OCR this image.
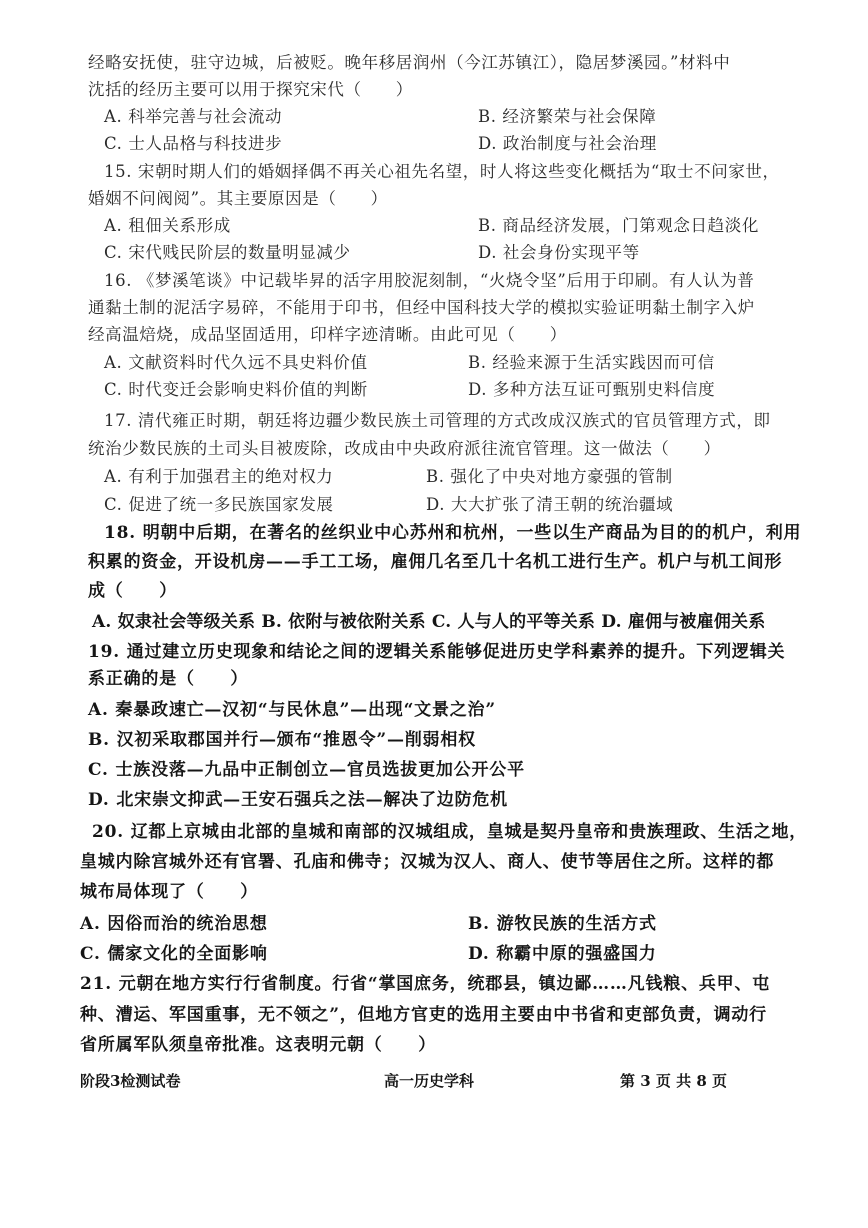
经略安抚使，驻守边城，后被贬。晚年移居润州（今江苏镇江），隐居梦溪园。”材料中
沈括的经历主要可以用于探究宋代（　　）
A. 科举完善与社会流动	B. 经济繁荣与社会保障
C. 士人品格与科技进步	D. 政治制度与社会治理
15. 宋朝时期人们的婚姻择偶不再关心祖先名望，时人将这些变化概括为“取士不问家世，
婚姻不问阀阅”。其主要原因是（　　）
A. 租佃关系形成	B. 商品经济发展，门第观念日趋淡化
C. 宋代贱民阶层的数量明显减少	D. 社会身份实现平等
16. 《梦溪笔谈》中记载毕昇的活字用胶泥刻制，“火烧令坚”后用于印刷。有人认为普
通黏土制的泥活字易碎，不能用于印书，但经中国科技大学的模拟实验证明黏土制字入炉
经高温焙烧，成品坚固适用，印样字迹清晰。由此可见（　　）
A. 文献资料时代久远不具史料价值	B. 经验来源于生活实践因而可信
C. 时代变迁会影响史料价值的判断	D. 多种方法互证可甄别史料信度
17. 清代雍正时期，朝廷将边疆少数民族土司管理的方式改成汉族式的官员管理方式，即
统治少数民族的土司头目被废除，改成由中央政府派往流官管理。这一做法（　　）
A. 有利于加强君主的绝对权力	B. 强化了中央对地方豪强的管制
C. 促进了统一多民族国家发展	D. 大大扩张了清王朝的统治疆域
18. 明朝中后期，在著名的丝织业中心苏州和杭州，一些以生产商品为目的的机户，利用
积累的资金，开设机房——手工工场，雇佣几名至几十名机工进行生产。机户与机工间形
成（　　）
A. 奴隶社会等级关系 B. 依附与被依附关系 C. 人与人的平等关系 D. 雇佣与被雇佣关系
19. 通过建立历史现象和结论之间的逻辑关系能够促进历史学科素养的提升。下列逻辑关
系正确的是（　　）
A. 秦暴政速亡—汉初“与民休息”—出现“文景之治”
B. 汉初采取郡国并行—颁布“推恩令”—削弱相权
C. 士族没落—九品中正制创立—官员选拔更加公开公平
D. 北宋崇文抑武—王安石强兵之法—解决了边防危机
20. 辽都上京城由北部的皇城和南部的汉城组成，皇城是契丹皇帝和贵族理政、生活之地，
皇城内除宫城外还有官署、孔庙和佛寺；汉城为汉人、商人、使节等居住之所。这样的都
城布局体现了（　　）
A. 因俗而治的统治思想	B. 游牧民族的生活方式
C. 儒家文化的全面影响	D. 称霸中原的强盛国力
21. 元朝在地方实行行省制度。行省“掌国庶务，统郡县，镇边鄙……凡钱粮、兵甲、屯
种、漕运、军国重事，无不领之”，但地方官吏的选用主要由中书省和吏部负责，调动行
省所属军队须皇帝批准。这表明元朝（　　）
阶段3检测试卷	高一历史学科	第 3 页 共 8 页
